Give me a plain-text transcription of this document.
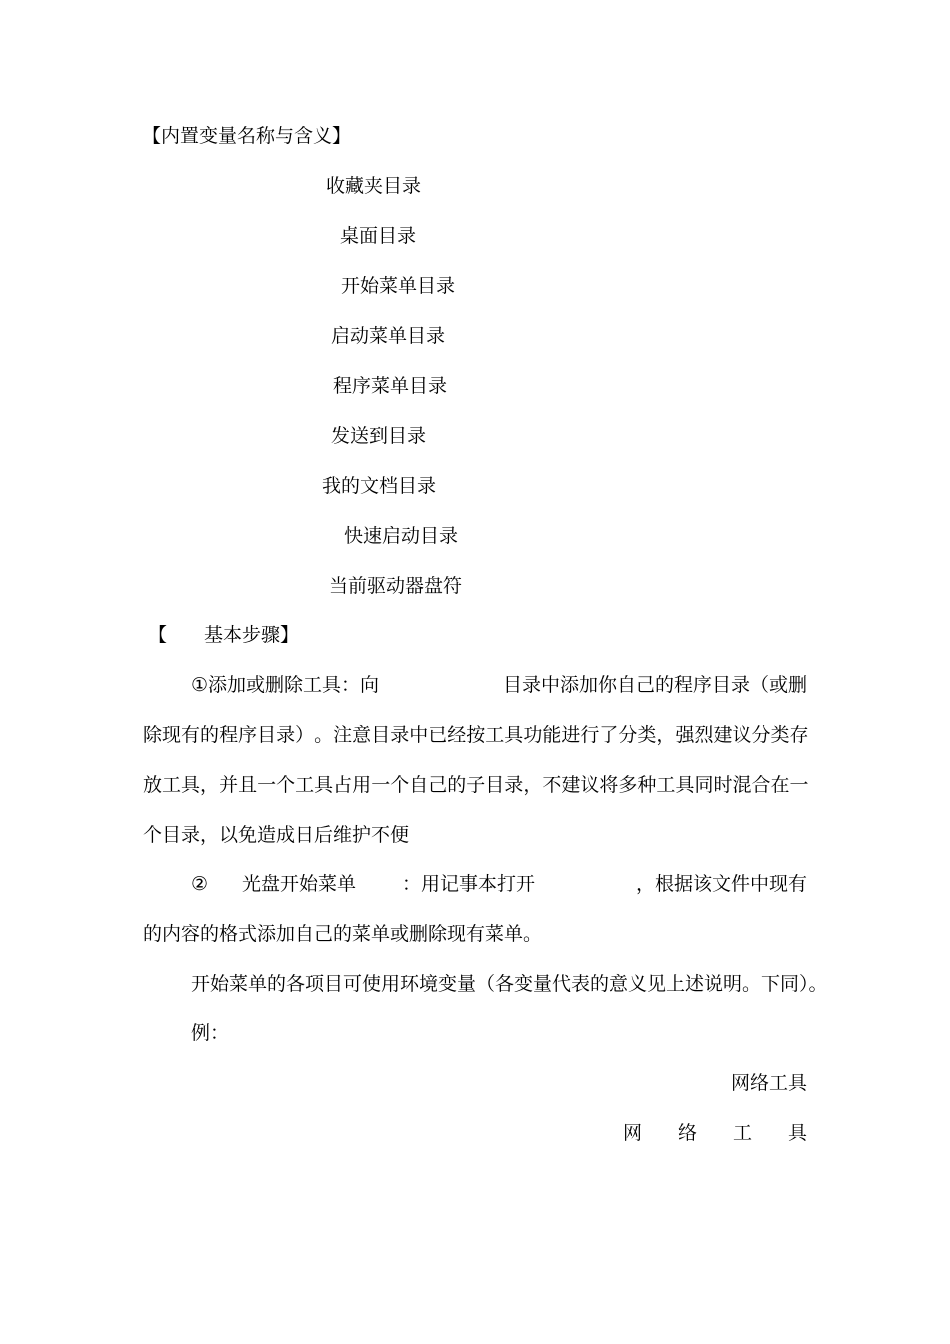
【内置变量名称与含义】
收藏夹目录
桌面目录
开始菜单目录
启动菜单目录
程序菜单目录
发送到目录
我的文档目录
快速启动目录
当前驱动器盘符
【 基本步骤】
①添加或删除工具：向	目录中添加你自己的程序目录（或删
除 现 有 的 程 序 目 录 ） 。 注 意 目 录 中 已 经 按 工 具 功 能 进 行 了 分 类 ， 强 烈 建 议 分 类 存
放 工 具 ， 并 且 一 个 工 具 占 用 一 个 自 己 的 子 目 录 ， 不 建 议 将 多 种 工 具 同 时 混 合 在 一
个目录，以免造成日后维护不便
② 光盘开始菜单 ：用记事本打开	，根据该文件中现有
的内容的格式添加自己的菜单或删除现有菜单。
开始菜单的各项目可使用环境变量（各变量代表的意义见上述说明。下同）。
例：
网络工具
网 络 工 具
